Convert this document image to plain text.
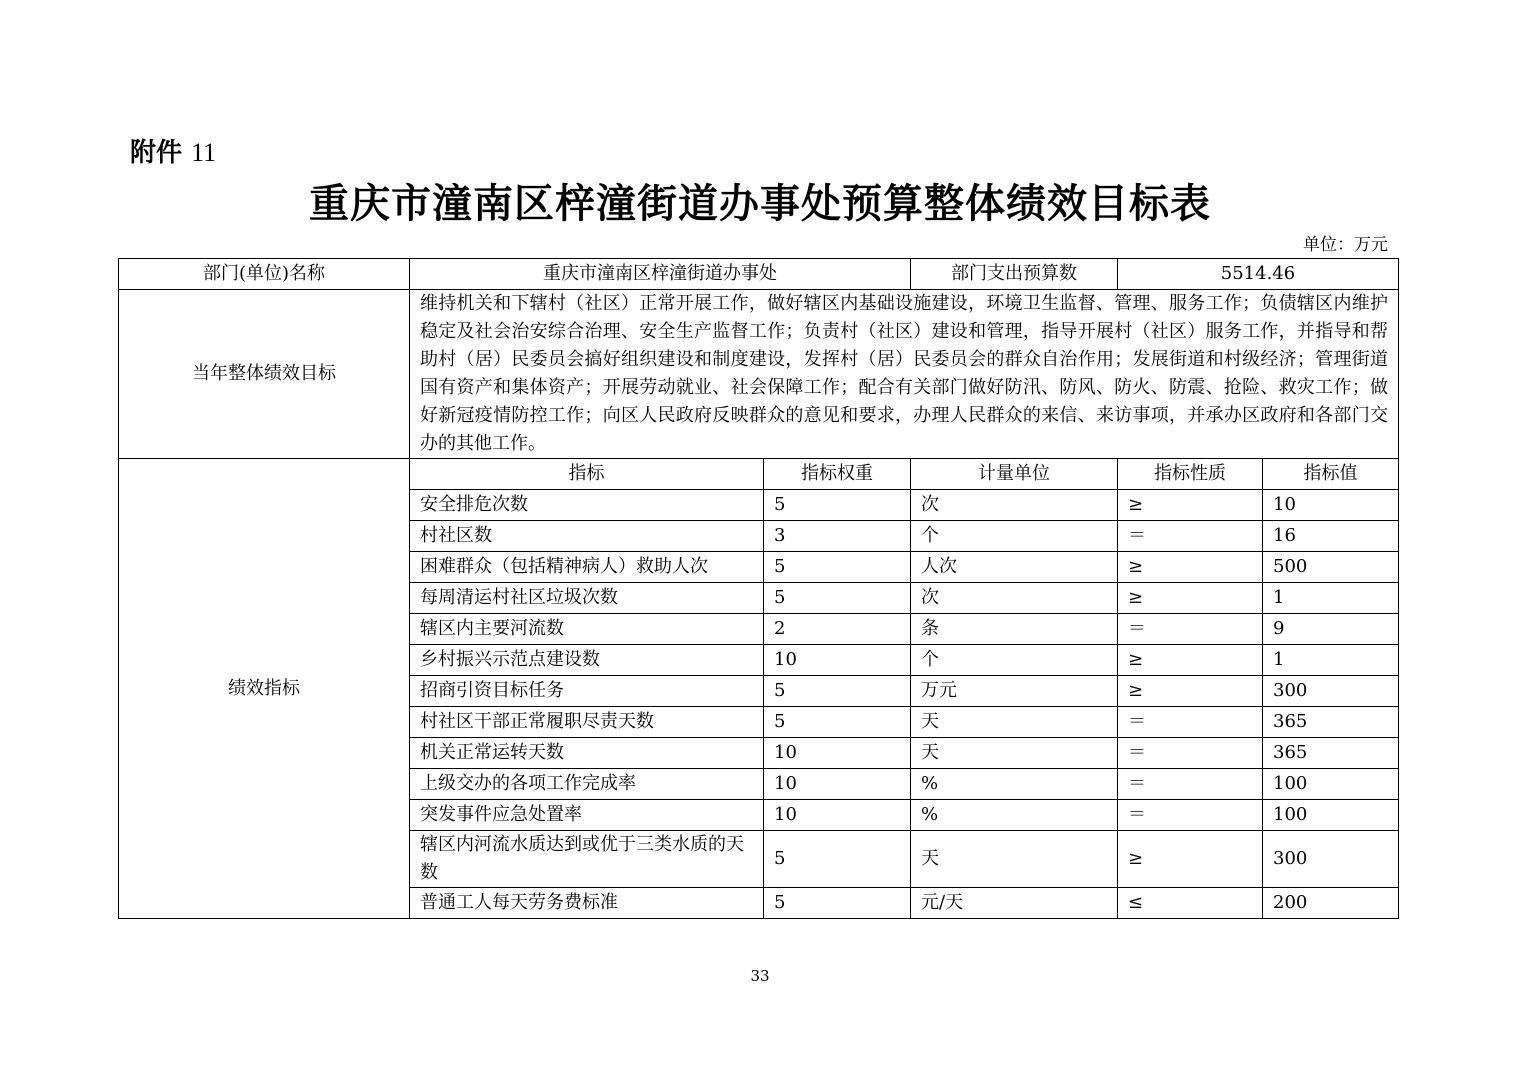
附件 11
重庆市潼南区梓潼街道办事处预算整体绩效目标表
单位：万元
部门(单位)名称	重庆市潼南区梓潼街道办事处		部门支出预算数	5514.46	
当年整体绩效目标	维持机关和下辖村（社区）正常开展工作，做好辖区内基础设施建设，环境卫生监督、管理、服务工作；负债辖区内维护稳定及社会治安综合治理、安全生产监督工作；负责村（社区）建设和管理，指导开展村（社区）服务工作，并指导和帮助村（居）民委员会搞好组织建设和制度建设，发挥村（居）民委员会的群众自治作用；发展街道和村级经济；管理街道国有资产和集体资产；开展劳动就业、社会保障工作；配合有关部门做好防汛、防风、防火、防震、抢险、救灾工作；做好新冠疫情防控工作；向区人民政府反映群众的意见和要求，办理人民群众的来信、来访事项，并承办区政府和各部门交办的其他工作。				
绩效指标	指标	指标权重	计量单位	指标性质	指标值
	安全排危次数	5	次	≥	10
	村社区数	3	个	＝	16
	困难群众（包括精神病人）救助人次	5	人次	≥	500
	每周清运村社区垃圾次数	5	次	≥	1
	辖区内主要河流数	2	条	＝	9
	乡村振兴示范点建设数	10	个	≥	1
	招商引资目标任务	5	万元	≥	300
	村社区干部正常履职尽责天数	5	天	＝	365
	机关正常运转天数	10	天	＝	365
	上级交办的各项工作完成率	10	%	＝	100
	突发事件应急处置率	10	%	＝	100
	辖区内河流水质达到或优于三类水质的天数	5	天	≥	300
	普通工人每天劳务费标准	5	元/天	≤	200
33
